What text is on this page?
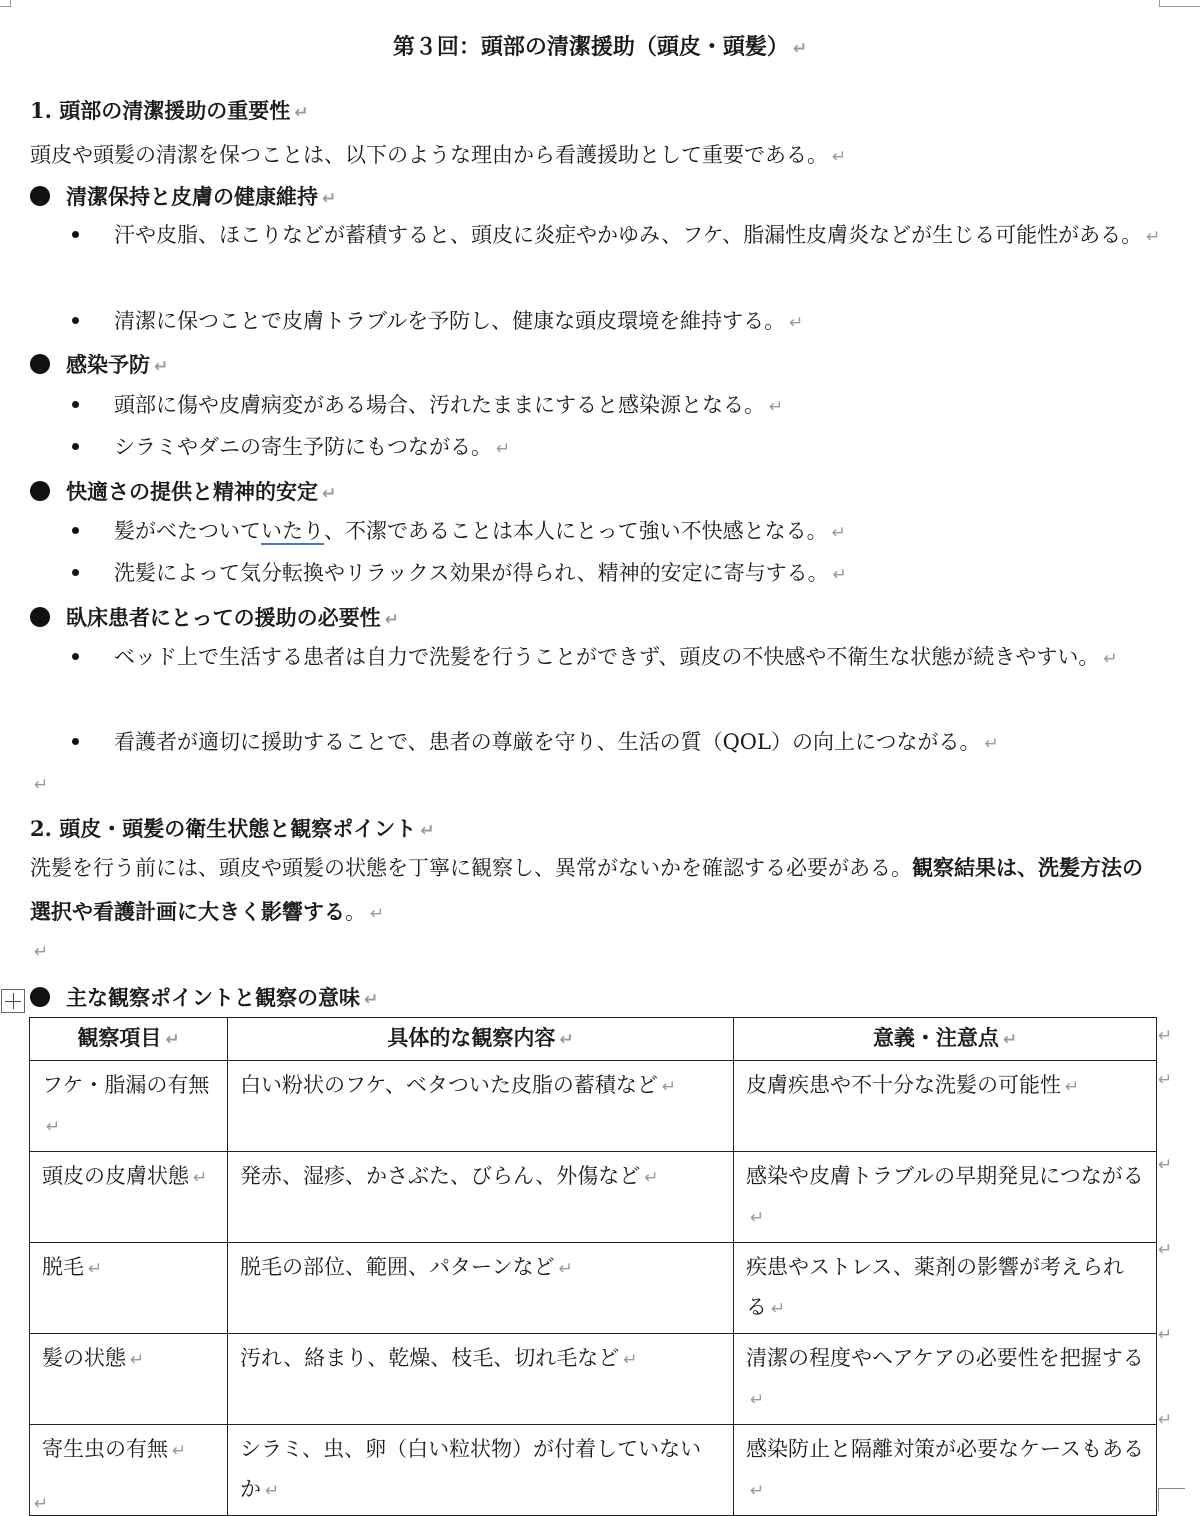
第３回：頭部の清潔援助（頭皮・頭髪） ↵
1. 頭部の清潔援助の重要性 ↵
頭皮や頭髪の清潔を保つことは、以下のような理由から看護援助として重要である。 ↵
清潔保持と皮膚の健康維持 ↵
汗や皮脂、ほこりなどが蓄積すると、頭皮に炎症やかゆみ、フケ、脂漏性皮膚炎などが生じる可能性がある。 ↵
清潔に保つことで皮膚トラブルを予防し、健康な頭皮環境を維持する。 ↵
感染予防 ↵
頭部に傷や皮膚病変がある場合、汚れたままにすると感染源となる。 ↵
シラミやダニの寄生予防にもつながる。 ↵
快適さの提供と精神的安定 ↵
髪がべたついていたり、不潔であることは本人にとって強い不快感となる。 ↵
洗髪によって気分転換やリラックス効果が得られ、精神的安定に寄与する。 ↵
臥床患者にとっての援助の必要性 ↵
ベッド上で生活する患者は自力で洗髪を行うことができず、頭皮の不快感や不衛生な状態が続きやすい。 ↵
看護者が適切に援助することで、患者の尊厳を守り、生活の質（QOL）の向上につながる。 ↵
↵
2. 頭皮・頭髪の衛生状態と観察ポイント ↵
洗髪を行う前には、頭皮や頭髪の状態を丁寧に観察し、異常がないかを確認する必要がある。観察結果は、洗髪方法の選択や看護計画に大きく影響する。 ↵
↵
主な観察ポイントと観察の意味 ↵
観察項目 ↵	具体的な観察内容 ↵	意義・注意点 ↵
フケ・脂漏の有無↵	白い粉状のフケ、ベタついた皮脂の蓄積など ↵	皮膚疾患や不十分な洗髪の可能性 ↵
頭皮の皮膚状態 ↵	発赤、湿疹、かさぶた、びらん、外傷など ↵	感染や皮膚トラブルの早期発見につながる↵
脱毛 ↵	脱毛の部位、範囲、パターンなど ↵	疾患やストレス、薬剤の影響が考えられる ↵
髪の状態 ↵	汚れ、絡まり、乾燥、枝毛、切れ毛など ↵	清潔の程度やヘアケアの必要性を把握する↵
寄生虫の有無 ↵	シラミ、虫、卵（白い粒状物）が付着していないか ↵	感染防止と隔離対策が必要なケースもある↵
↵
↵
↵
↵
↵
↵
↵
